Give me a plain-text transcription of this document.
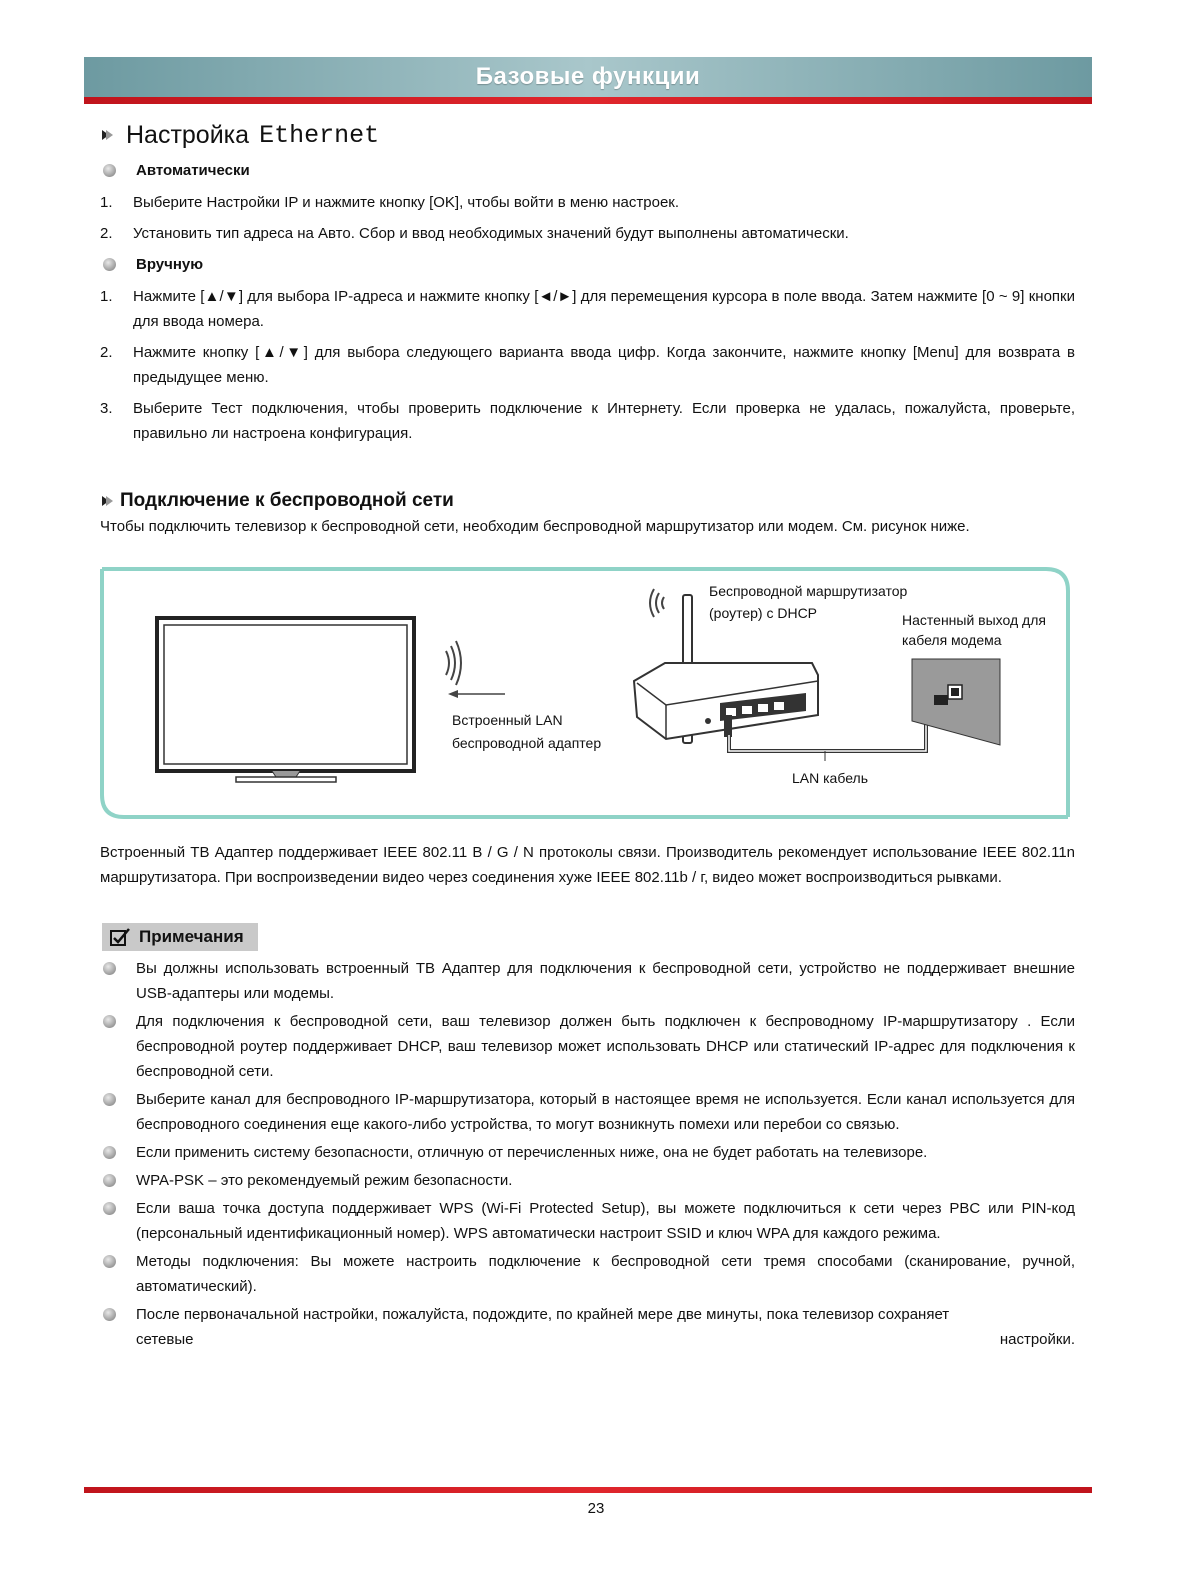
Базовые функции
Настройка Ethernet
Автоматически
1.	Выберите Настройки IP и нажмите кнопку [OK], чтобы войти в меню настроек.
2.	Установить тип адреса на Авто. Сбор и ввод необходимых значений будут выполнены автоматически.
Вручную
1.	Нажмите [▲/▼] для выбора IP-адреса и нажмите кнопку [◄/►] для перемещения курсора в поле ввода. Затем нажмите [0 ~ 9] кнопки для ввода номера.
2.	Нажмите кнопку [▲/▼] для выбора следующего варианта ввода цифр. Когда закончите, нажмите кнопку [Menu] для возврата в предыдущее меню.
3.	Выберите Тест подключения, чтобы проверить подключение к Интернету. Если проверка не удалась, пожалуйста, проверьте, правильно ли настроена конфигурация.
Подключение к беспроводной сети
Чтобы подключить телевизор к беспроводной сети, необходим беспроводной маршрутизатор или модем. См. рисунок ниже.
Беспроводной маршрутизатор
(роутер) с DHCP	Настенный выход для
кабеля модема
Встроенный LAN
беспроводной адаптер
LAN кабель
Встроенный ТВ Адаптер поддерживает IEEE 802.11 B / G / N протоколы связи. Производитель рекомендует использование IEEE 802.11n маршрутизатора. При воспроизведении видео через соединения хуже IEEE 802.11b / г, видео может воспроизводиться рывками.
Примечания
Вы должны использовать встроенный ТВ Адаптер для подключения к беспроводной сети, устройство не поддерживает внешние USB-адаптеры или модемы.
Для подключения к беспроводной сети, ваш телевизор должен быть подключен к беспроводному IP-маршрутизатору . Если беспроводной роутер поддерживает DHCP, ваш телевизор может использовать DHCP или статический IP-адрес для подключения к беспроводной сети.
Выберите канал для беспроводного IP-маршрутизатора, который в настоящее время не используется. Если канал используется для беспроводного соединения еще какого-либо устройства, то могут возникнуть помехи или перебои со связью.
Если применить систему безопасности, отличную от перечисленных ниже, она не будет работать на телевизоре.
WPA-PSK – это рекомендуемый режим безопасности.
Если ваша точка доступа поддерживает WPS (Wi-Fi Protected Setup), вы можете подключиться к сети через PBC или PIN-код (персональный идентификационный номер). WPS автоматически настроит SSID и ключ WPA для каждого режима.
Методы подключения: Вы можете настроить подключение к беспроводной сети тремя способами (сканирование, ручной, автоматический).
После первоначальной настройки, пожалуйста, подождите, по крайней мере две минуты, пока телевизор сохраняет
сетевые	настройки.
23
